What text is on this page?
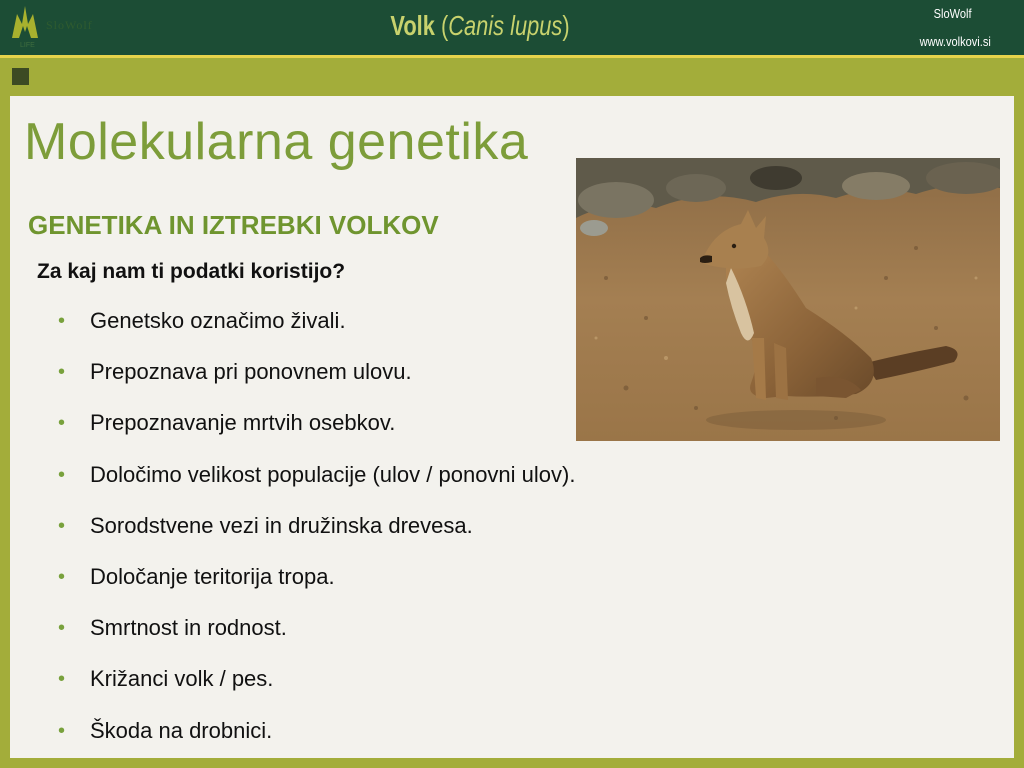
SloWolf
LIFE
Volk (Canis lupus)	SloWolf
www.volkovi.si
Molekularna genetika
GENETIKA IN IZTREBKI VOLKOV
Za kaj nam ti podatki koristijo?
• Genetsko označimo živali.
• Prepoznava pri ponovnem ulovu.
• Prepoznavanje mrtvih osebkov.
• Določimo velikost populacije (ulov / ponovni ulov).
• Sorodstvene vezi in družinska drevesa.
• Določanje teritorija tropa.
• Smrtnost in rodnost.
• Križanci volk / pes.
• Škoda na drobnici.
